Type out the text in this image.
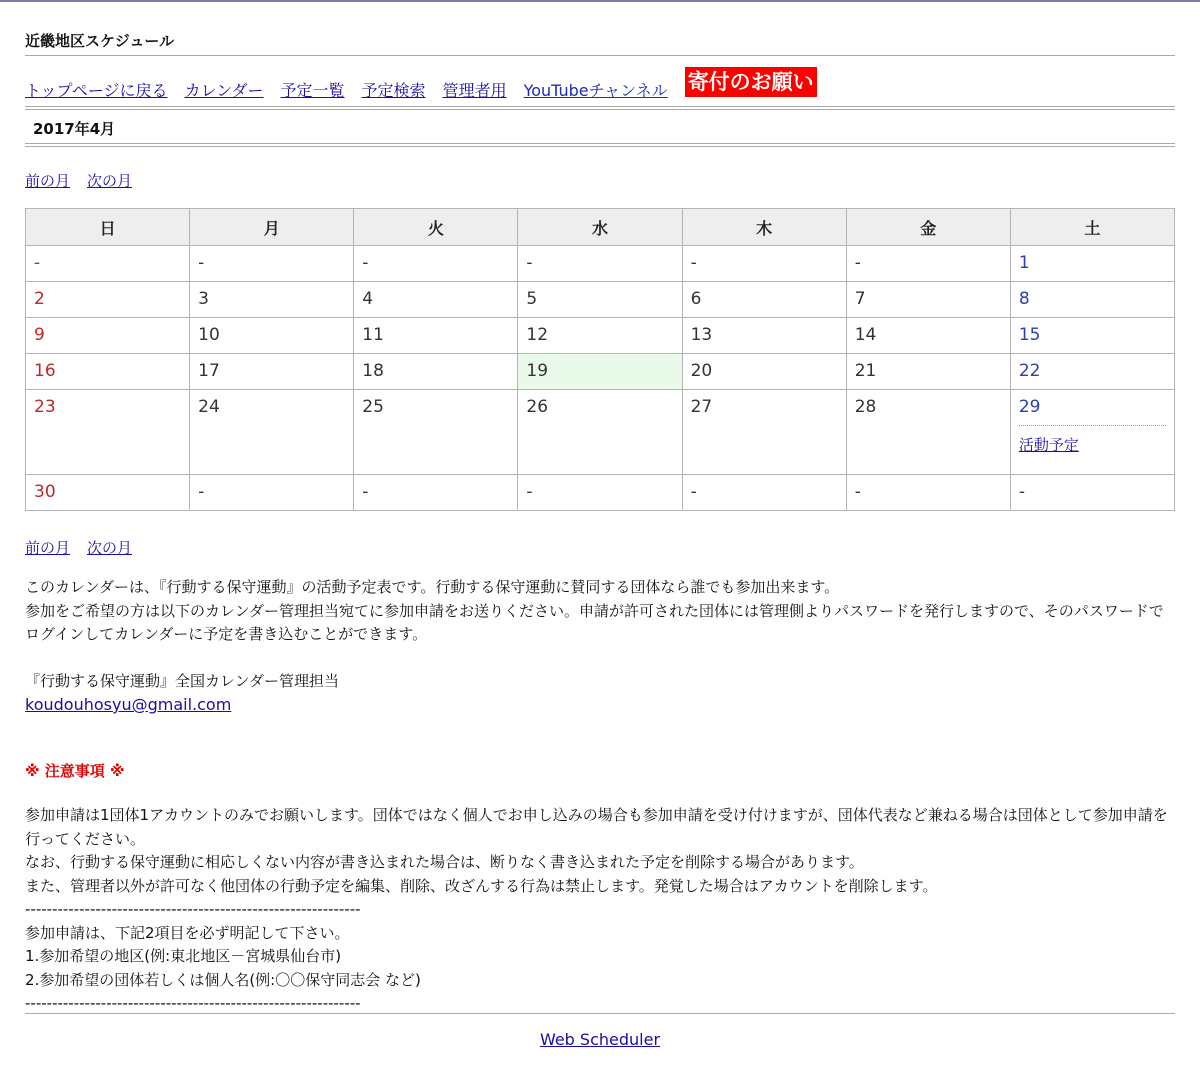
近畿地区スケジュール
トップページに戻る カレンダー 予定一覧 予定検索 管理者用 YouTubeチャンネル 寄付のお願い
2017年4月
前の月 次の月
日	月	火	水	木	金	土

-	-	-	-	-	-	1

2	3	4	5	6	7	8

9	10	11	12	13	14	15

16	17	18	19	20	21	22

23	24	25	26	27	28	29
活動予定

30	-	-	-	-	-	-
前の月 次の月
このカレンダーは、『行動する保守運動』の活動予定表です。行動する保守運動に賛同する団体なら誰でも参加出来ます。
参加をご希望の方は以下のカレンダー管理担当宛てに参加申請をお送りください。申請が許可された団体には管理側よりパスワードを発行しますので、そのパスワードでログインしてカレンダーに予定を書き込むことができます。
『行動する保守運動』全国カレンダー管理担当
koudouhosyu@gmail.com
※ 注意事項 ※
参加申請は1団体1アカウントのみでお願いします。団体ではなく個人でお申し込みの場合も参加申請を受け付けますが、団体代表など兼ねる場合は団体として参加申請を行ってください。
なお、行動する保守運動に相応しくない内容が書き込まれた場合は、断りなく書き込まれた予定を削除する場合があります。
また、管理者以外が許可なく他団体の行動予定を編集、削除、改ざんする行為は禁止します。発覚した場合はアカウントを削除します。
--------------------------------------------------------------
参加申請は、下記2項目を必ず明記して下さい。
1.参加希望の地区(例:東北地区－宮城県仙台市)
2.参加希望の団体若しくは個人名(例:〇〇保守同志会 など)
--------------------------------------------------------------
Web Scheduler
